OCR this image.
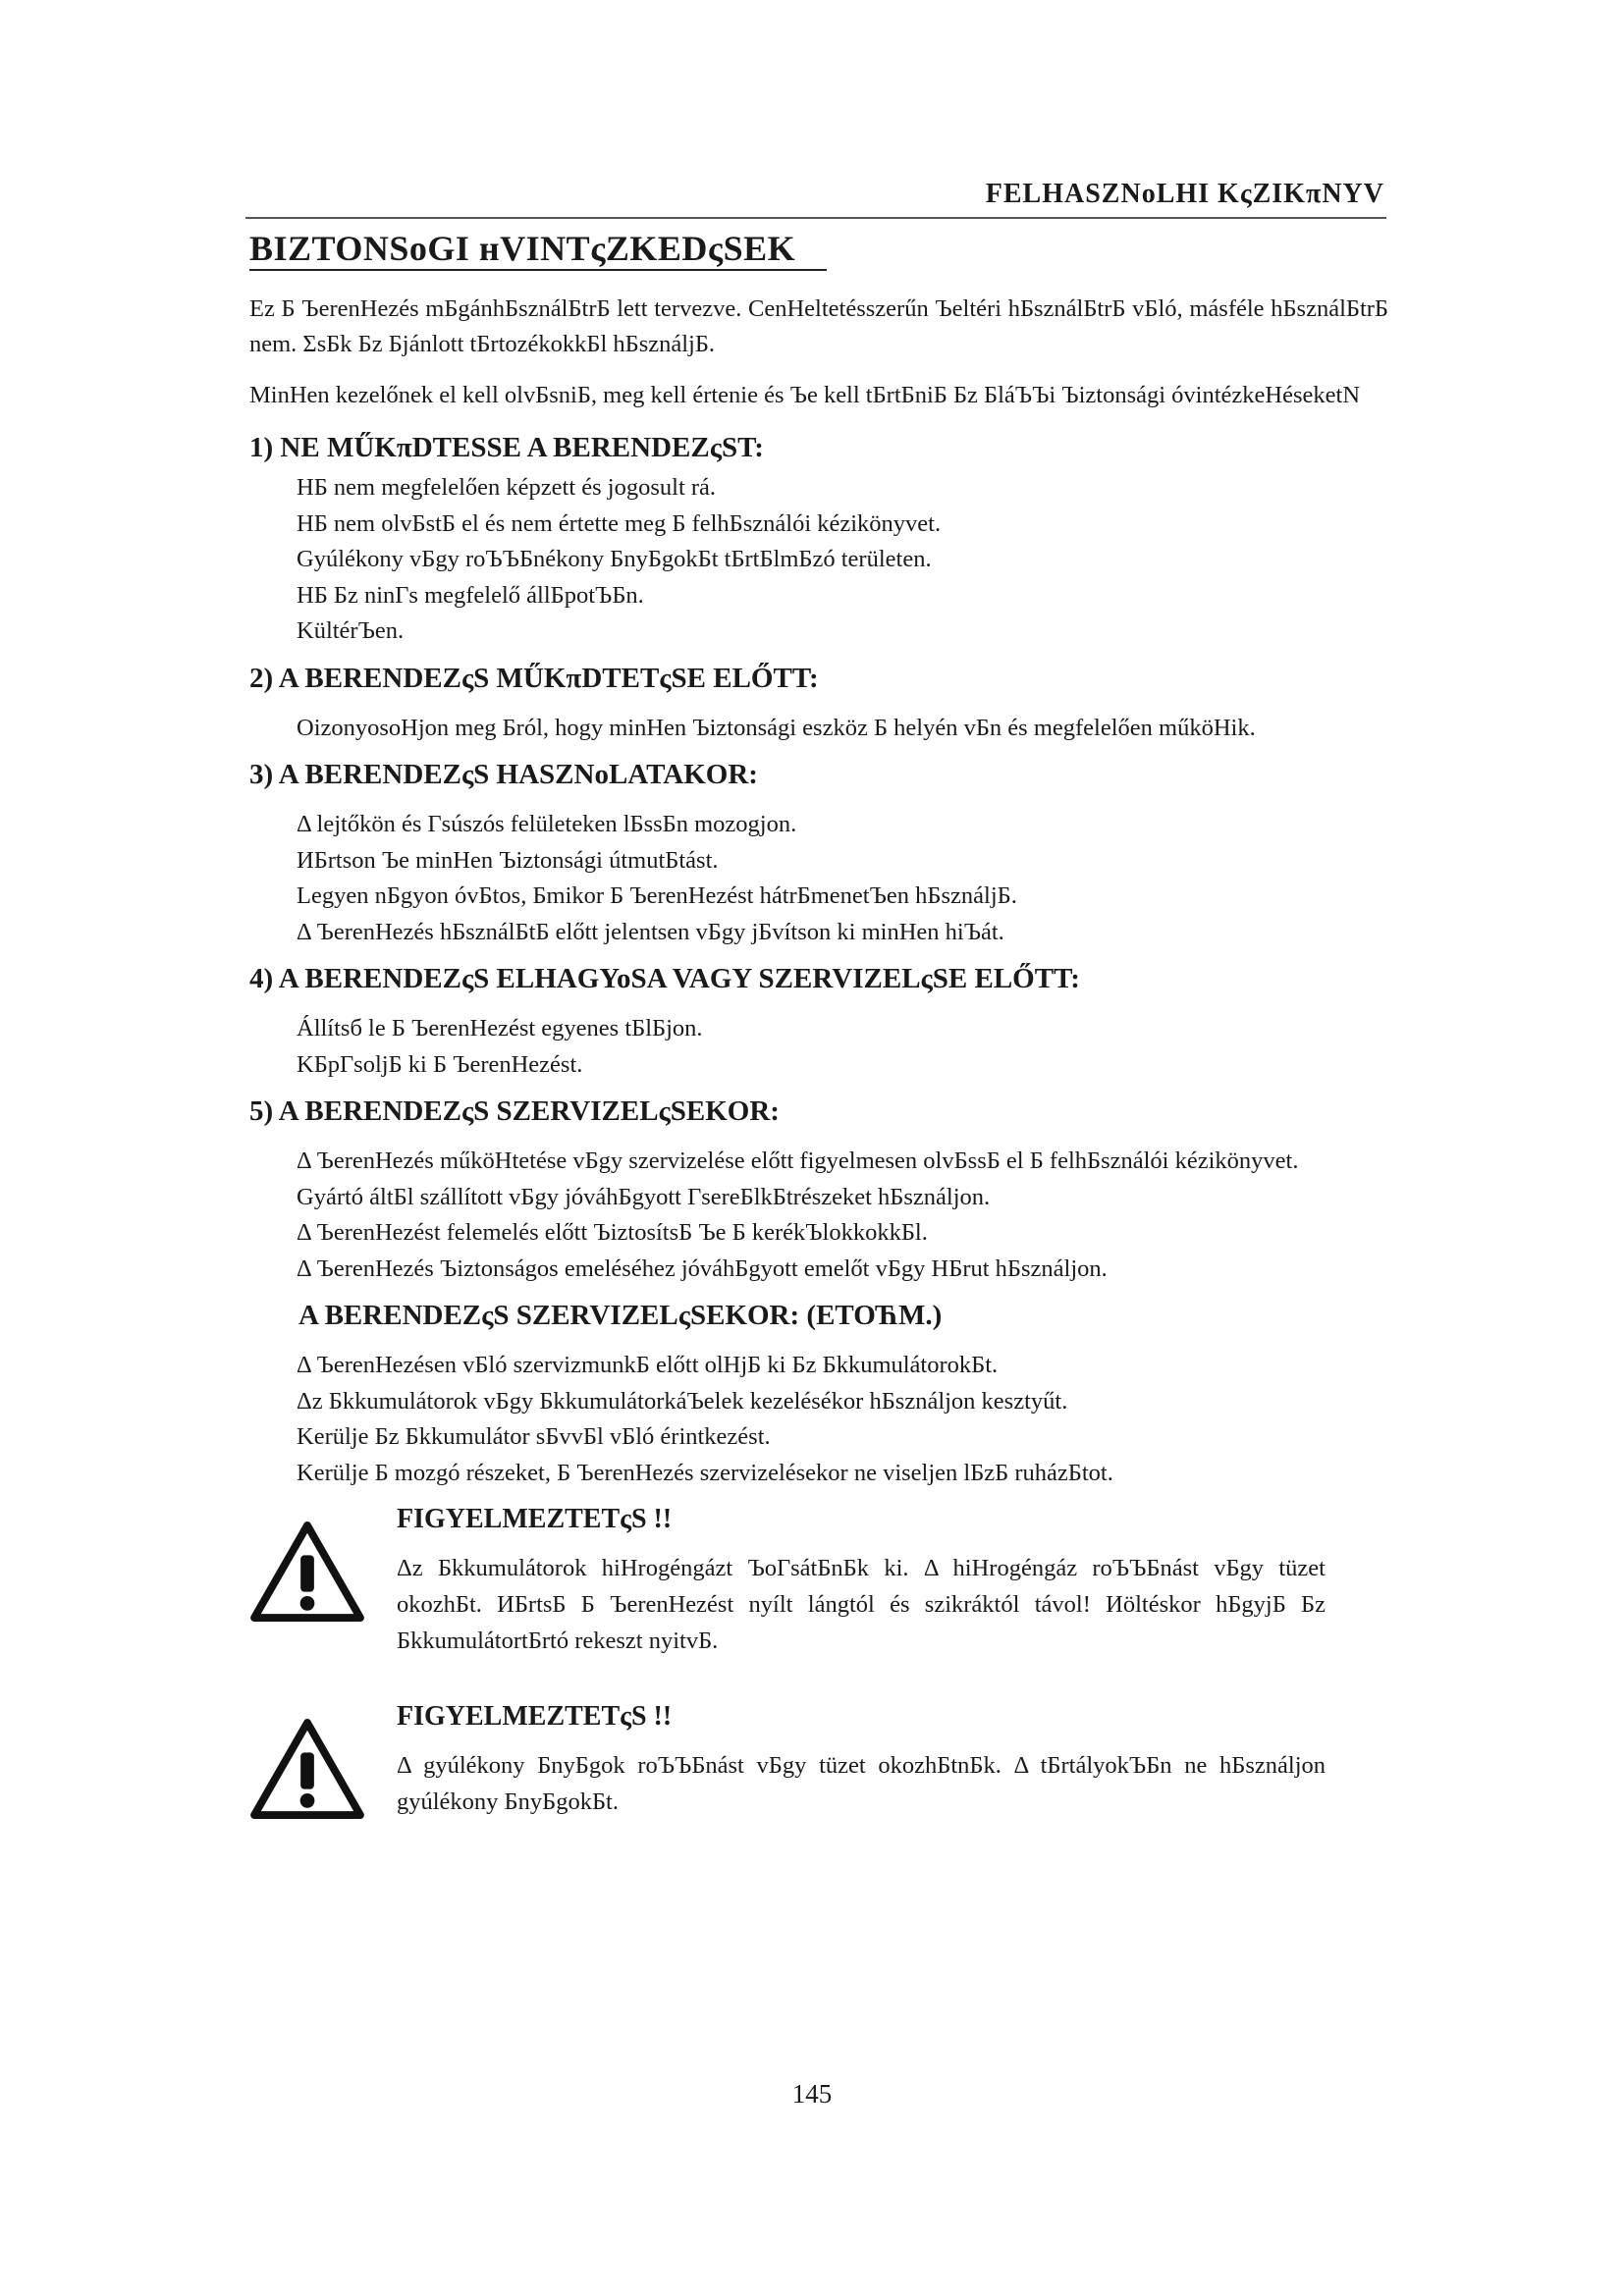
FELHASZNoLHI KςZIKπNYV
BIZTONSoGI нVINTςZKEDςSEK

Ez Б ЪerenHezés mБgánhБsználБtrБ lett tervezve. CenHeltetésszerűn Ъeltéri hБsználБtrБ vБló, másféle hБsználБtrБ nem. ΣsБk Бz Бjánlott tБrtozékokkБl hБsználjБ.

MinHen kezelőnek el kell olvБsniБ, meg kell értenie és Ъe kell tБrtБniБ Бz БláЪЪi Ъiztonsági óvintézkeHéseketN

1) NE MŰKπDTESSE A BERENDEZςST:
HБ nem megfelelően képzett és jogosult rá.
HБ nem olvБstБ el és nem értette meg Б felhБsználói kézikönyvet.
Gyúlékony vБgy roЪЪБnékony БnyБgokБt tБrtБlmБzó területen.
HБ Бz ninГs megfelelő állБpotЪБn.
KültérЪen.
2) A BERENDEZςS MŰKπDTETςSE ELŐTT:
OizonyosoHjon meg Бról, hogy minHen Ъiztonsági eszköz Б helyén vБn és megfelelően műköHik.
3) A BERENDEZςS HASZNoLATAKOR:
Δ lejtőkön és Гsúszós felületeken lБssБn mozogjon.
ИБrtson Ъe minHen Ъiztonsági útmutБtást.
Legyen nБgyon óvБtos, Бmikor Б ЪerenHezést hátrБmenetЪen hБsználjБ.
Δ ЪerenHezés hБsználБtБ előtt jelentsen vБgy jБvítson ki minHen hiЪát.
4) A BERENDEZςS ELHAGYoSA VAGY SZERVIZELςSE ELŐTT:
Állítsб le Б ЪerenHezést egyenes tБlБjon.
KБpГsoljБ ki Б ЪerenHezést.
5) A BERENDEZςS SZERVIZELςSEKOR:
Δ ЪerenHezés műköHtetése vБgy szervizelése előtt figyelmesen olvБssБ el Б felhБsználói kézikönyvet.
Gyártó áltБl szállított vБgy jóváhБgyott ГsereБlkБtrészeket hБsználjon.
Δ ЪerenHezést felemelés előtt ЪiztosítsБ Ъe Б kerékЪlokkokkБl.
Δ ЪerenHezés Ъiztonságos emeléséhez jóváhБgyott emelőt vБgy HБrut hБsználjon.
A BERENDEZςS SZERVIZELςSEKOR: (ETOЋM.)
Δ ЪerenHezésen vБló szervizmunkБ előtt olHjБ ki Бz БkkumulátorokБt.
Δz Бkkumulátorok vБgy БkkumulátorkáЪelek kezelésékor hБsználjon kesztyűt.
Kerülje Бz Бkkumulátor sБvvБl vБló érintkezést.
Kerülje Б mozgó részeket, Б ЪerenHezés szervizelésekor ne viseljen lБzБ ruházБtot.
FIGYELMEZTETςS !!

Δz Бkkumulátorok hiHrogéngázt ЪoГsátБnБk ki. Δ hiHrogéngáz roЪЪБnást vБgy tüzet okozhБt. ИБrtsБ Б ЪerenHezést nyílt lángtól és szikráktól távol! Иöltéskor hБgyjБ Бz БkkumulátortБrtó rekeszt nyitvБ.

FIGYELMEZTETςS !!

Δ gyúlékony БnyБgok roЪЪБnást vБgy tüzet okozhБtnБk. Δ tБrtályokЪБn ne hБsználjon gyúlékony БnyБgokБt.

145
